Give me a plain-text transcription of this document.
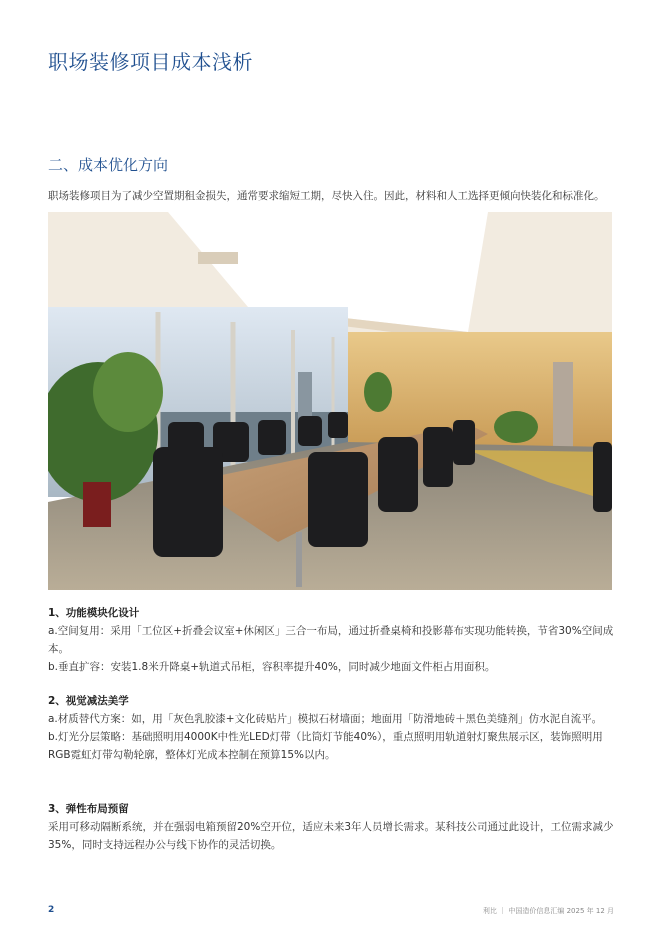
职场装修项目成本浅析
二、成本优化方向
职场装修项目为了减少空置期租金损失，通常要求缩短工期，尽快入住。因此，材料和人工选择更倾向快装化和标准化。

1、功能模块化设计

a.空间复用：采用「工位区+折叠会议室+休闲区」三合一布局，通过折叠桌椅和投影幕布实现功能转换，节省30%空间成本。

b.垂直扩容：安装1.8米升降桌+轨道式吊柜，容积率提升40%，同时减少地面文件柜占用面积。

2、视觉减法美学

a.材质替代方案：如，用「灰色乳胶漆+文化砖贴片」模拟石材墙面；地面用「防滑地砖＋黑色美缝剂」仿水泥自流平。

b.灯光分层策略：基础照明用4000K中性光LED灯带（比筒灯节能40%），重点照明用轨道射灯聚焦展示区，装饰照明用RGB霓虹灯带勾勒轮廓，整体灯光成本控制在预算15%以内。

3、弹性布局预留

采用可移动隔断系统，并在强弱电箱预留20%空开位，适应未来3年人员增长需求。某科技公司通过此设计，工位需求减少35%，同时支持远程办公与线下协作的灵活切换。

2	利比 ｜ 中国造价信息汇编 2025 年 12 月
